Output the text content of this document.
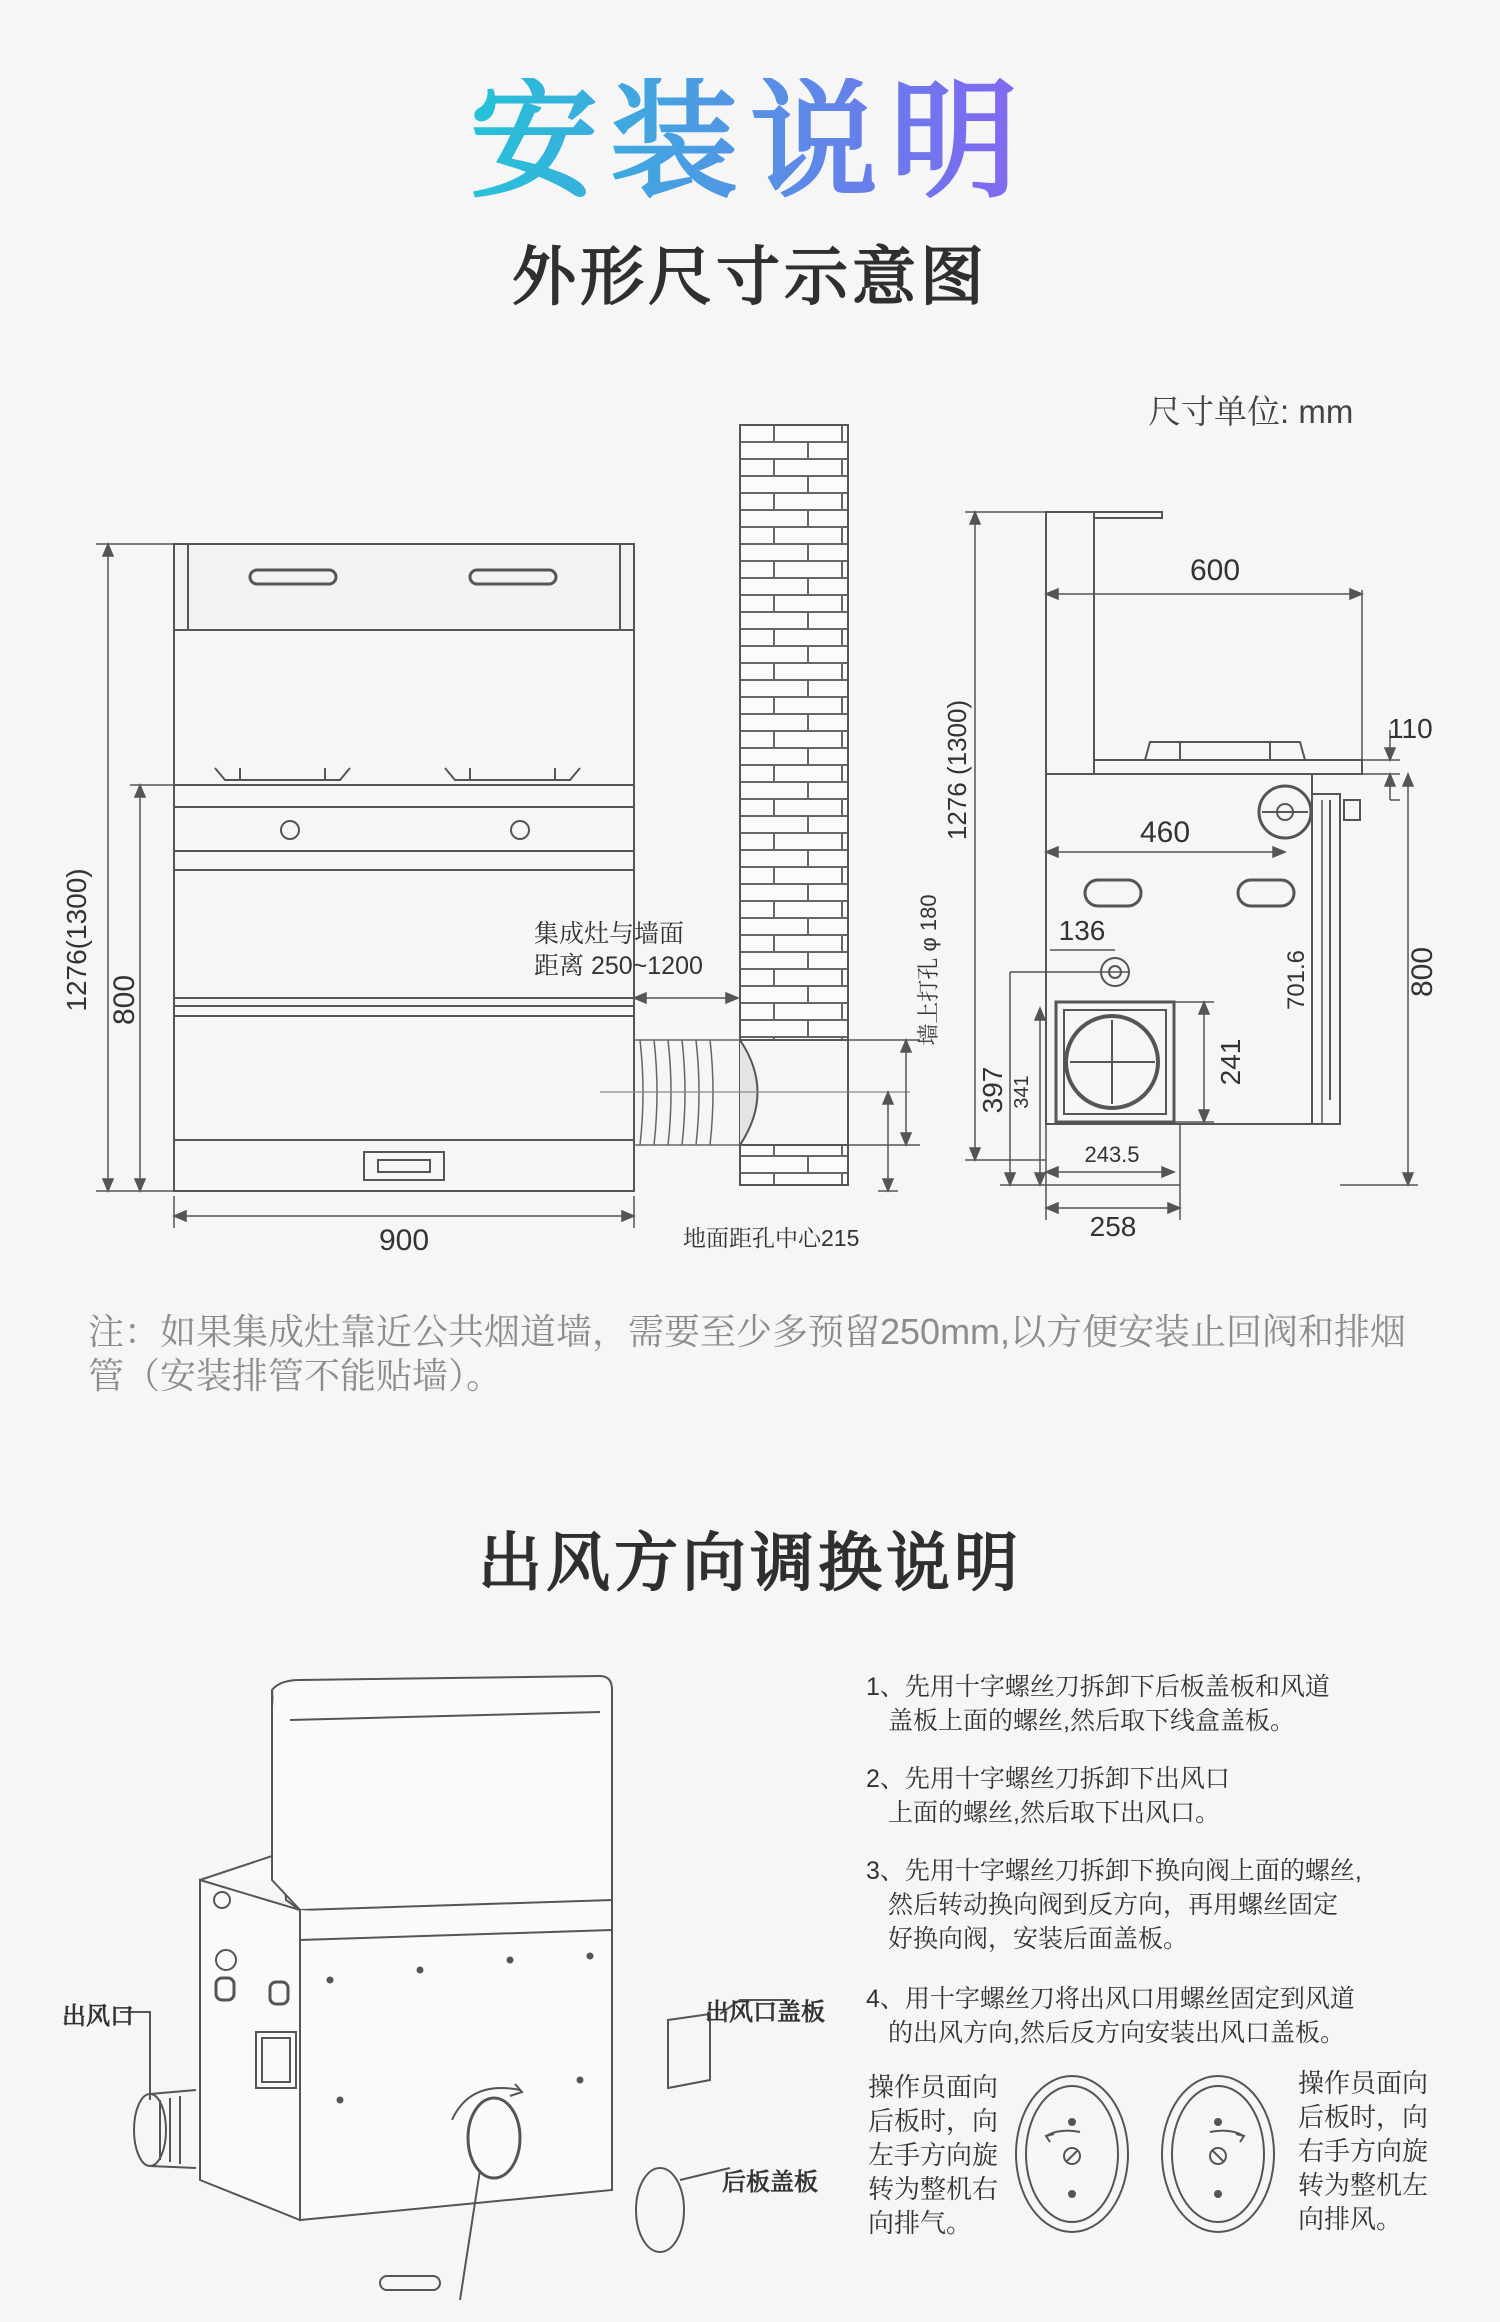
安装说明
外形尺寸示意图
尺寸单位: mm
1276(1300) 800
900
集成灶与墙面
距离 250~1200	墙上打孔 φ 180
地面距孔中心215
1276 (1300)
600
110
460
136
800
701.6
397 341
241
243.5
258
注：如果集成灶靠近公共烟道墙，需要至少多预留250mm,以方便安装止回阀和排烟管（安装排管不能贴墙）。
出风方向调换说明
出风口	出风口盖板
后板盖板
1、先用十字螺丝刀拆卸下后板盖板和风道
盖板上面的螺丝,然后取下线盒盖板。
2、先用十字螺丝刀拆卸下出风口
上面的螺丝,然后取下出风口。
3、先用十字螺丝刀拆卸下换向阀上面的螺丝,
然后转动换向阀到反方向，再用螺丝固定
好换向阀，安装后面盖板。
4、用十字螺丝刀将出风口用螺丝固定到风道
的出风方向,然后反方向安装出风口盖板。
操作员面向
后板时，向
左手方向旋
转为整机右
向排气。
操作员面向
后板时，向
右手方向旋
转为整机左
向排风。
